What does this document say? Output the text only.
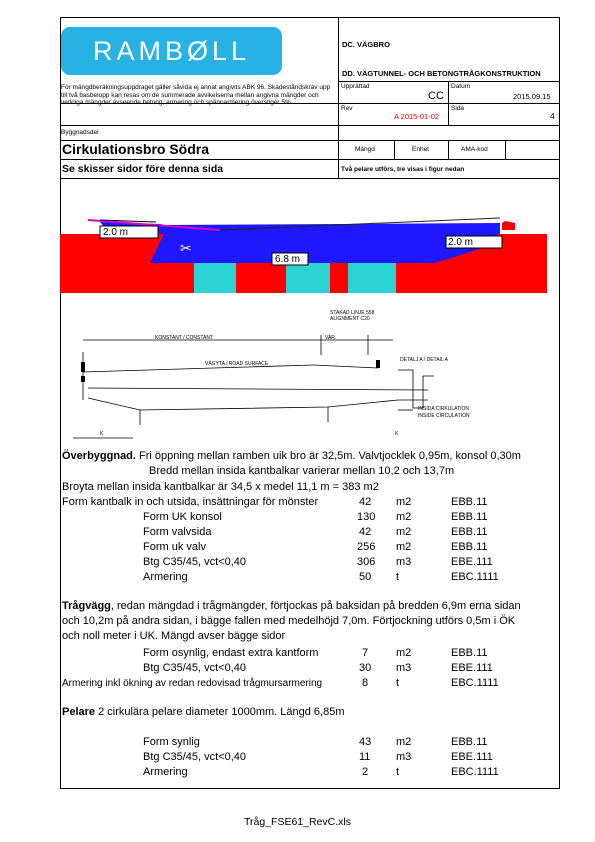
RAMBØLL	DC. VÄGBRO
DD. VÄGTUNNEL- OCH BETONGTRÅGKONSTRUKTION
För mängdberäkningsuppdraget gäller såvida ej annat angivits ABK 96. Skadeståndskrav upp till två basbelopp kan resas om de summerade avvikelserna mellan angivna mängder och verkliga mängder avseende betong, armering och spännarmering överstiger 5%
Upprättad
CC
Datum
2015.09.15
Rev
A 2015-01-02
Sida
4
Byggnadsdel
Cirkulationsbro Södra	Mängd	Enhet	AMA-kod
Se skisser sidor före denna sida	Två pelare utförs, tre visas i figur nedan
✂
2.0 m
6.8 m
2.0 m
STAKAD LINJE 558
ALIGNMENT C20
KONSTANT / CONSTANT	VAR.
VÄGYTA / ROAD SURFACE
DETALJ A / DETAIL A
INSIDA CIRKULATION
INSIDE CIRCULATION
K	K
Överbyggnad. Fri öppning mellan ramben uik bro är 32,5m. Valvtjocklek 0,95m, konsol 0,30m
Bredd mellan insida kantbalkar varierar mellan 10,2 och 13,7m
Broyta mellan insida kantbalkar är 34,5 x medel 11,1 m = 383 m2
Form kantbalk in och utsida, insättningar för mönster	42 m2	EBB.11
Form UK konsol	130 m2	EBB.11
Form valvsida	42 m2	EBB.11
Form uk valv	256 m2	EBB.11
Btg C35/45, vct<0,40	306 m3	EBE.111
Armering	50 t	EBC.1111
Trågvägg, redan mängdad i trågmängder, förtjockas på baksidan på bredden 6,9m erna sidan
och 10,2m på andra sidan, i bägge fallen med medelhöjd 7,0m. Förtjockning utförs 0,5m i ÖK
och noll meter i UK. Mängd avser bägge sidor
Form osynlig, endast extra kantform	7	m2	EBB.11
Btg C35/45, vct<0,40	30 m3	EBE.111
Armering inkl ökning av redan redovisad trågmursarmering	8	t	EBC.1111
Pelare 2 cirkulära pelare diameter 1000mm. Längd 6,85m
Form synlig	43 m2	EBB.11
Btg C35/45, vct<0,40	11 m3	EBE.111
Armering	2	t	EBC.1111
Tråg_FSE61_RevC.xls
